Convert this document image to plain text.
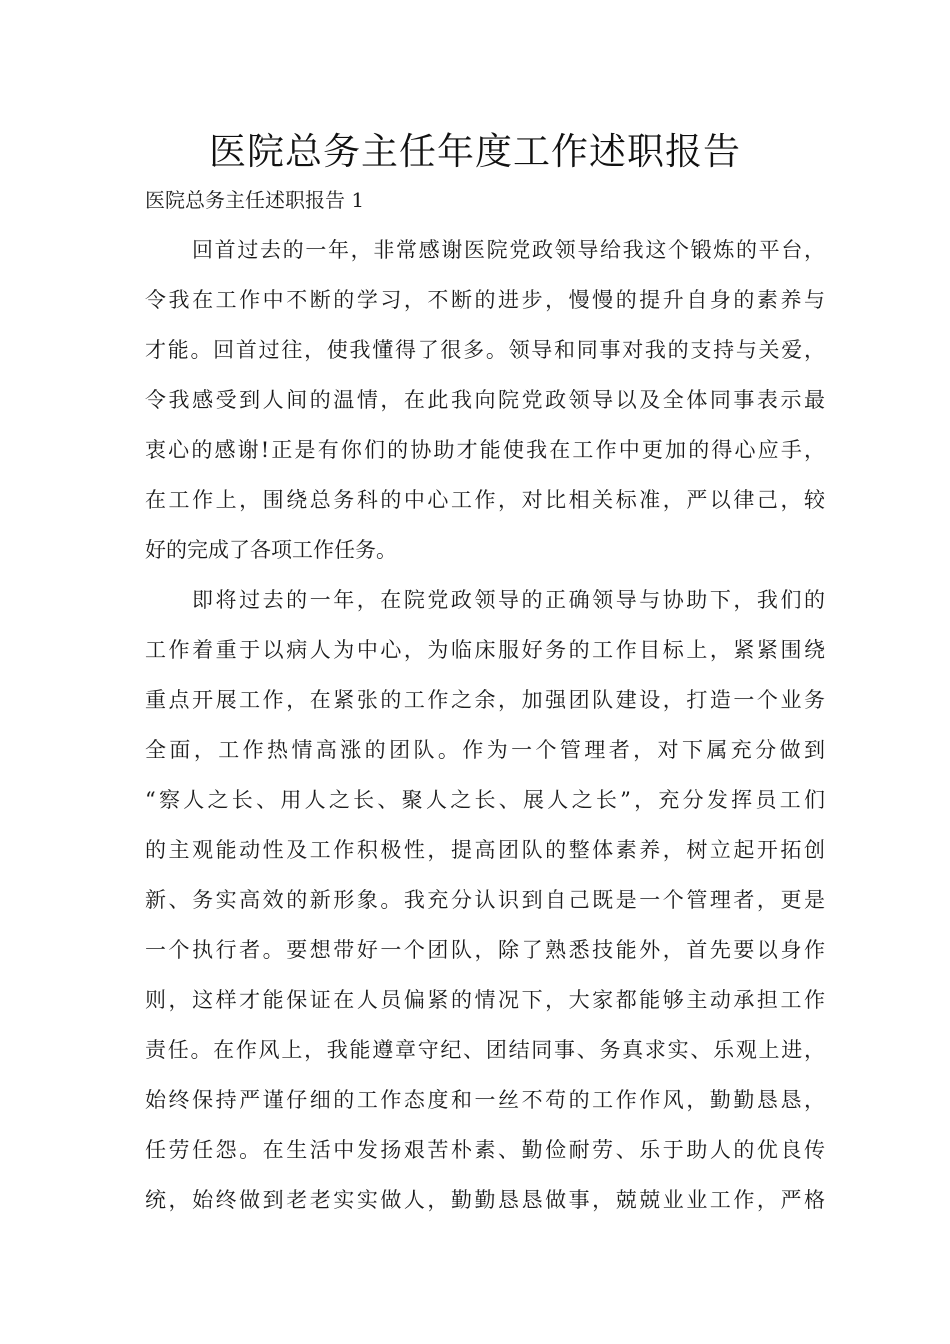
医院总务主任年度工作述职报告
医院总务主任述职报告 1
回首过去的一年，非常感谢医院党政领导给我这个锻炼的平台，
令我在工作中不断的学习，不断的进步，慢慢的提升自身的素养与
才能。回首过往，使我懂得了很多。领导和同事对我的支持与关爱，
令我感受到人间的温情，在此我向院党政领导以及全体同事表示最
衷心的感谢!正是有你们的协助才能使我在工作中更加的得心应手，
在工作上，围绕总务科的中心工作，对比相关标准，严以律己，较
好的完成了各项工作任务。
即将过去的一年，在院党政领导的正确领导与协助下，我们的
工作着重于以病人为中心，为临床服好务的工作目标上，紧紧围绕
重点开展工作，在紧张的工作之余，加强团队建设，打造一个业务
全面，工作热情高涨的团队。作为一个管理者，对下属充分做到
“察人之长、用人之长、聚人之长、展人之长”，充分发挥员工们
的主观能动性及工作积极性，提高团队的整体素养，树立起开拓创
新、务实高效的新形象。我充分认识到自己既是一个管理者，更是
一个执行者。要想带好一个团队，除了熟悉技能外，首先要以身作
则，这样才能保证在人员偏紧的情况下，大家都能够主动承担工作
责任。在作风上，我能遵章守纪、团结同事、务真求实、乐观上进，
始终保持严谨仔细的工作态度和一丝不苟的工作作风，勤勤恳恳，
任劳任怨。在生活中发扬艰苦朴素、勤俭耐劳、乐于助人的优良传
统，始终做到老老实实做人，勤勤恳恳做事，兢兢业业工作，严格
